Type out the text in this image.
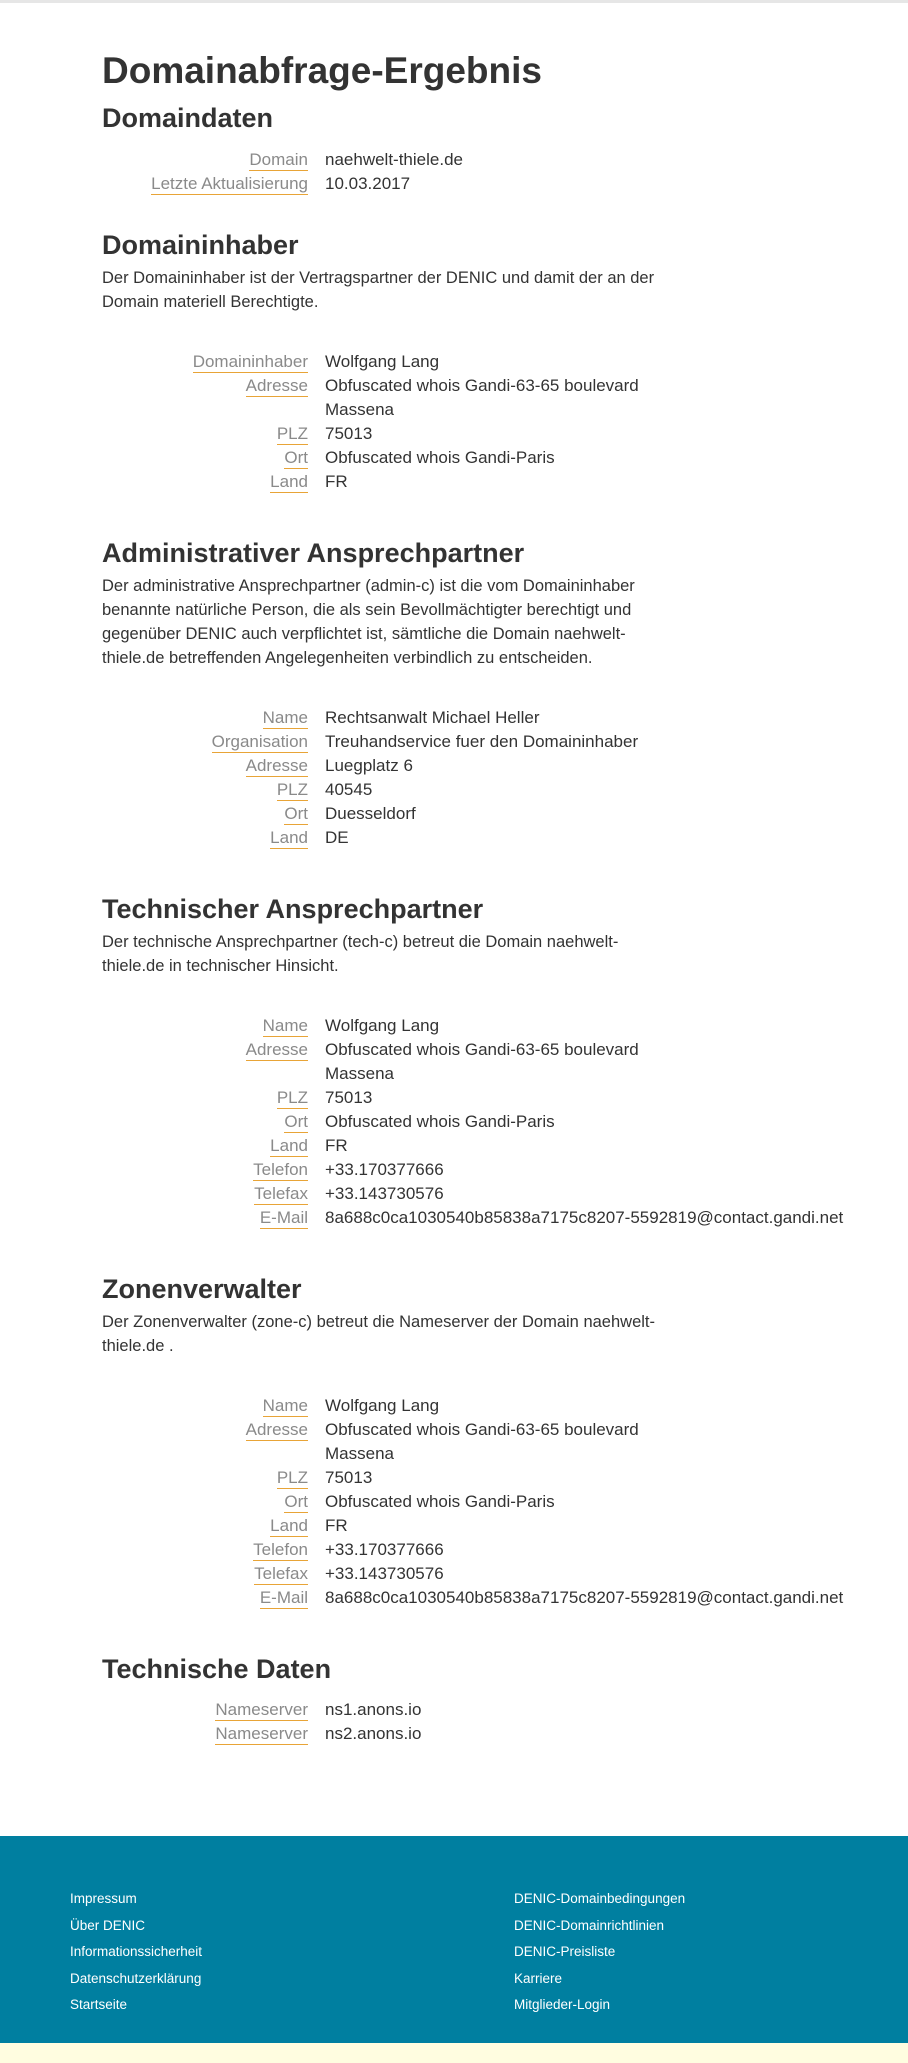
Domainabfrage-Ergebnis
Domaindaten
Domain	naehwelt-thiele.de
Letzte Aktualisierung	10.03.2017
Domaininhaber

Der Domaininhaber ist der Vertragspartner der DENIC und damit der an der Domain materiell Berechtigte.

Domaininhaber	Wolfgang Lang
Adresse	Obfuscated whois Gandi-63-65 boulevard Massena
PLZ	75013
Ort	Obfuscated whois Gandi-Paris
Land	FR
Administrativer Ansprechpartner

Der administrative Ansprechpartner (admin-c) ist die vom Domaininhaber benannte natürliche Person, die als sein Bevollmächtigter berechtigt und gegenüber DENIC auch verpflichtet ist, sämtliche die Domain naehwelt-thiele.de betreffenden Angelegenheiten verbindlich zu entscheiden.

Name	Rechtsanwalt Michael Heller
Organisation	Treuhandservice fuer den Domaininhaber
Adresse	Luegplatz 6
PLZ	40545
Ort	Duesseldorf
Land	DE
Technischer Ansprechpartner

Der technische Ansprechpartner (tech-c) betreut die Domain naehwelt-thiele.de in technischer Hinsicht.

Name	Wolfgang Lang
Adresse	Obfuscated whois Gandi-63-65 boulevard Massena
PLZ	75013
Ort	Obfuscated whois Gandi-Paris
Land	FR
Telefon	+33.170377666
Telefax	+33.143730576
E-Mail	8a688c0ca1030540b85838a7175c8207-5592819@contact.gandi.net
Zonenverwalter

Der Zonenverwalter (zone-c) betreut die Nameserver der Domain naehwelt-thiele.de .

Name	Wolfgang Lang
Adresse	Obfuscated whois Gandi-63-65 boulevard Massena
PLZ	75013
Ort	Obfuscated whois Gandi-Paris
Land	FR
Telefon	+33.170377666
Telefax	+33.143730576
E-Mail	8a688c0ca1030540b85838a7175c8207-5592819@contact.gandi.net
Technische Daten
Nameserver	ns1.anons.io
Nameserver	ns2.anons.io
Impressum
Über DENIC
Informationssicherheit
Datenschutzerklärung
Startseite
DENIC-Domainbedingungen
DENIC-Domainrichtlinien
DENIC-Preisliste
Karriere
Mitglieder-Login
